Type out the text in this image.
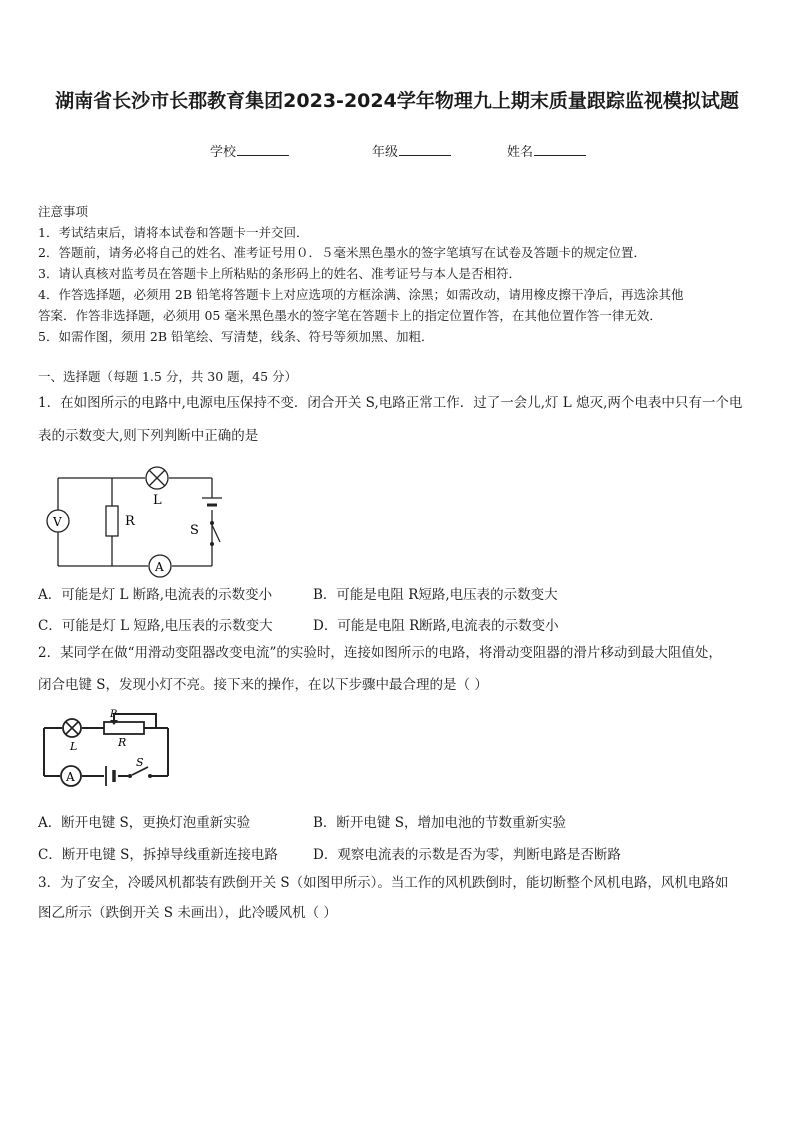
湖南省长沙市长郡教育集团2023-2024学年物理九上期末质量跟踪监视模拟试题
学校	年级	姓名
注意事项
1．考试结束后，请将本试卷和答题卡一并交回．
2．答题前，请务必将自己的姓名、准考证号用０．５毫米黑色墨水的签字笔填写在试卷及答题卡的规定位置．
3．请认真核对监考员在答题卡上所粘贴的条形码上的姓名、准考证号与本人是否相符．
4．作答选择题，必须用 2B 铅笔将答题卡上对应选项的方框涂满、涂黑；如需改动，请用橡皮擦干净后，再选涂其他
答案．作答非选择题，必须用 05 毫米黑色墨水的签字笔在答题卡上的指定位置作答，在其他位置作答一律无效．
5．如需作图，须用 2B 铅笔绘、写清楚，线条、符号等须加黑、加粗．
一、选择题（每题 1.5 分，共 30 题，45 分）
1．在如图所示的电路中,电源电压保持不变．闭合开关 S,电路正常工作．过了一会儿,灯 L 熄灭,两个电表中只有一个电
表的示数变大,则下列判断中正确的是
L
S
R
V
A
A．可能是灯 L 断路,电流表的示数变小	B．可能是电阻 R短路,电压表的示数变大
C．可能是灯 L 短路,电压表的示数变大	D．可能是电阻 R断路,电流表的示数变小
2．某同学在做“用滑动变阻器改变电流”的实验时，连接如图所示的电路，将滑动变阻器的滑片移动到最大阻值处，
闭合电键 S，发现小灯不亮。接下来的操作，在以下步骤中最合理的是（ ）
L
P
R
A
S
A．断开电键 S，更换灯泡重新实验	B．断开电键 S，增加电池的节数重新实验
C．断开电键 S，拆掉导线重新连接电路	D．观察电流表的示数是否为零，判断电路是否断路
3．为了安全，冷暖风机都装有跌倒开关 S（如图甲所示）。当工作的风机跌倒时，能切断整个风机电路，风机电路如
图乙所示（跌倒开关 S 未画出），此冷暖风机（ ）
